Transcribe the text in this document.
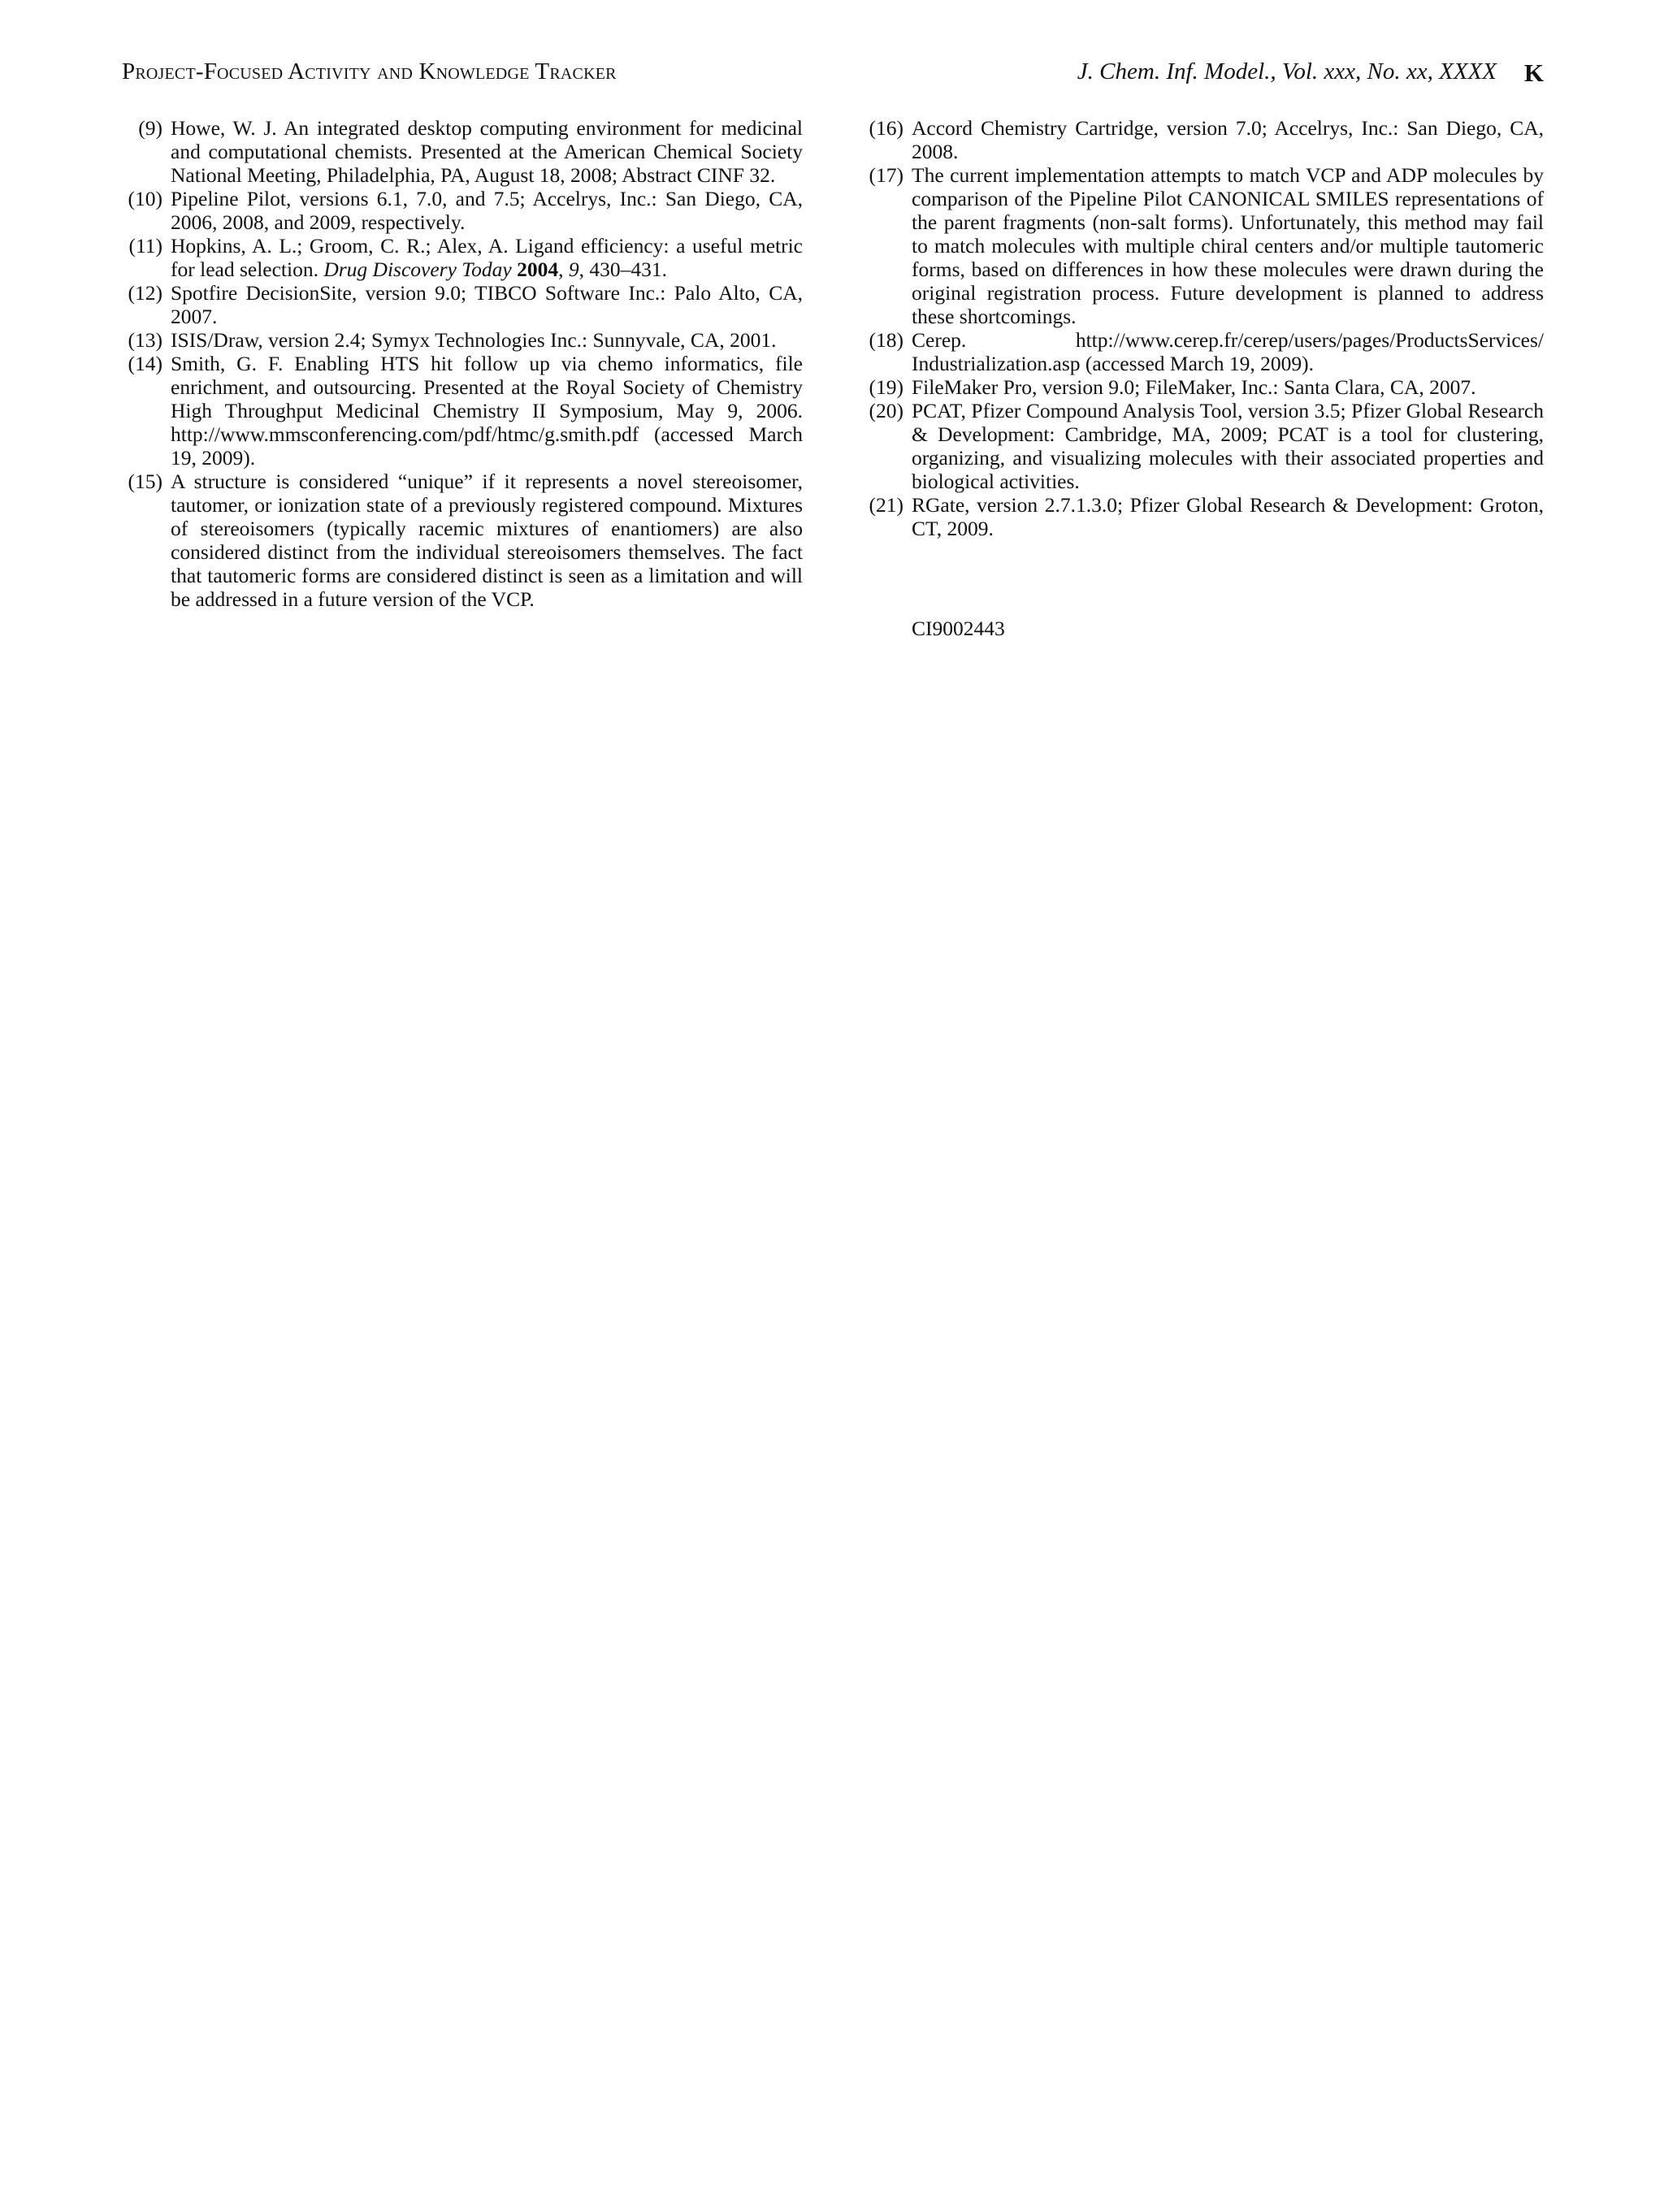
Project-Focused Activity and Knowledge Tracker	J. Chem. Inf. Model., Vol. xxx, No. xx, XXXX K
(9) Howe, W. J. An integrated desktop computing environment for medicinal and computational chemists. Presented at the American Chemical Society National Meeting, Philadelphia, PA, August 18, 2008; Abstract CINF 32.
(10) Pipeline Pilot, versions 6.1, 7.0, and 7.5; Accelrys, Inc.: San Diego, CA, 2006, 2008, and 2009, respectively.
(11) Hopkins, A. L.; Groom, C. R.; Alex, A. Ligand efficiency: a useful metric for lead selection. Drug Discovery Today 2004, 9, 430–431.
(12) Spotfire DecisionSite, version 9.0; TIBCO Software Inc.: Palo Alto, CA, 2007.
(13) ISIS/Draw, version 2.4; Symyx Technologies Inc.: Sunnyvale, CA, 2001.
(14) Smith, G. F. Enabling HTS hit follow up via chemo informatics, file enrichment, and outsourcing. Presented at the Royal Society of Chemistry High Throughput Medicinal Chemistry II Symposium, May 9, 2006. http://www.mmsconferencing.com/pdf/htmc/g.smith.pdf (accessed March 19, 2009).
(15) A structure is considered “unique” if it represents a novel stereoisomer, tautomer, or ionization state of a previously registered compound. Mixtures of stereoisomers (typically racemic mixtures of enantiomers) are also considered distinct from the individual stereoisomers themselves. The fact that tautomeric forms are considered distinct is seen as a limitation and will be addressed in a future version of the VCP.
(16) Accord Chemistry Cartridge, version 7.0; Accelrys, Inc.: San Diego, CA, 2008.
(17) The current implementation attempts to match VCP and ADP molecules by comparison of the Pipeline Pilot CANONICAL SMILES representations of the parent fragments (non-salt forms). Unfortunately, this method may fail to match molecules with multiple chiral centers and/or multiple tautomeric forms, based on differences in how these molecules were drawn during the original registration process. Future development is planned to address these shortcomings.
(18) Cerep. http://www.cerep.fr/cerep/users/pages/ProductsServices/ Industrialization.asp (accessed March 19, 2009).
(19) FileMaker Pro, version 9.0; FileMaker, Inc.: Santa Clara, CA, 2007.
(20) PCAT, Pfizer Compound Analysis Tool, version 3.5; Pfizer Global Research & Development: Cambridge, MA, 2009; PCAT is a tool for clustering, organizing, and visualizing molecules with their associated properties and biological activities.
(21) RGate, version 2.7.1.3.0; Pfizer Global Research & Development: Groton, CT, 2009.
CI9002443
